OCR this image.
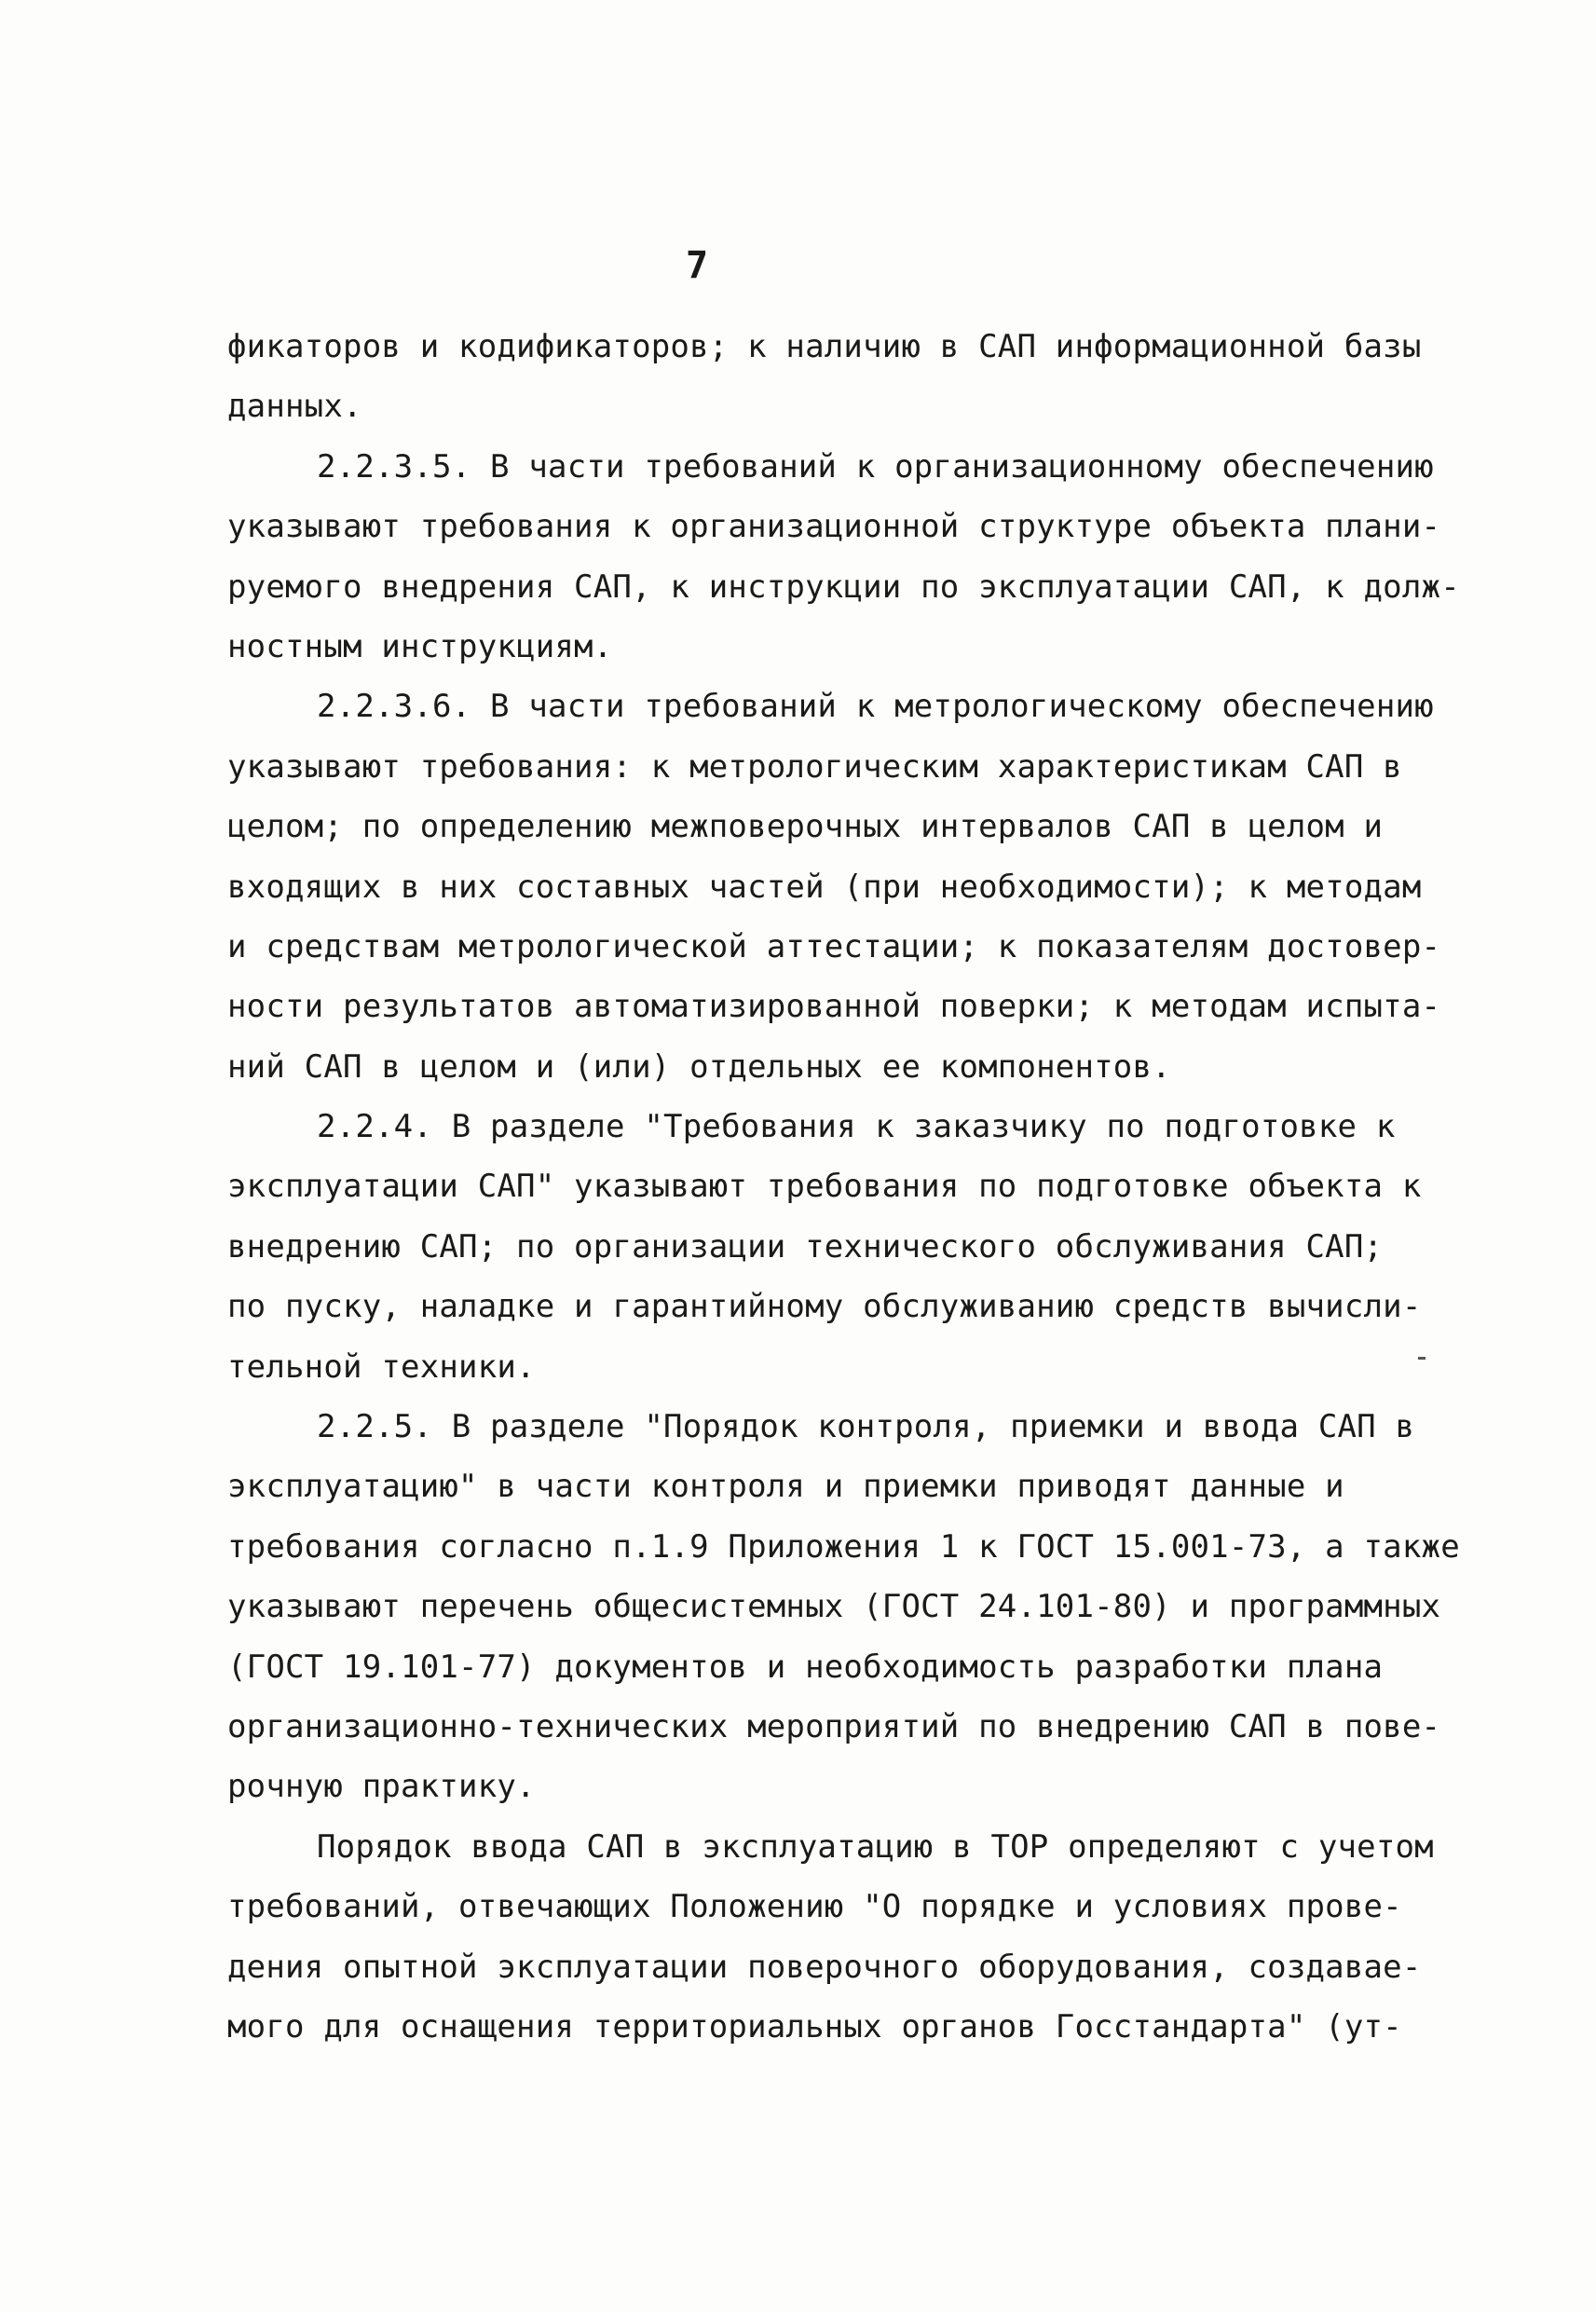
7
фикаторов и кодификаторов; к наличию в САП информационной базы
данных.
2.2.3.5. В части требований к организационному обеспечению
указывают требования к организационной структуре объекта плани-
руемого внедрения САП, к инструкции по эксплуатации САП, к долж-
ностным инструкциям.
2.2.3.6. В части требований к метрологическому обеспечению
указывают требования: к метрологическим характеристикам САП в
целом; по определению межповерочных интервалов САП в целом и
входящих в них составных частей (при необходимости); к методам
и средствам метрологической аттестации; к показателям достовер-
ности результатов автоматизированной поверки; к методам испыта-
ний САП в целом и (или) отдельных ее компонентов.
2.2.4. В разделе "Требования к заказчику по подготовке к
эксплуатации САП" указывают требования по подготовке объекта к
внедрению САП; по организации технического обслуживания САП;
по пуску, наладке и гарантийному обслуживанию средств вычисли-
тельной техники.
2.2.5. В разделе "Порядок контроля, приемки и ввода САП в
эксплуатацию" в части контроля и приемки приводят данные и
требования согласно п.1.9 Приложения 1 к ГОСТ 15.001-73, а также
указывают перечень общесистемных (ГОСТ 24.101-80) и программных
(ГОСТ 19.101-77) документов и необходимость разработки плана
организационно-технических мероприятий по внедрению САП в пове-
рочную практику.
Порядок ввода САП в эксплуатацию в ТОР определяют с учетом
требований, отвечающих Положению "О порядке и условиях прове-
дения опытной эксплуатации поверочного оборудования, создавае-
мого для оснащения территориальных органов Госстандарта" (ут-
